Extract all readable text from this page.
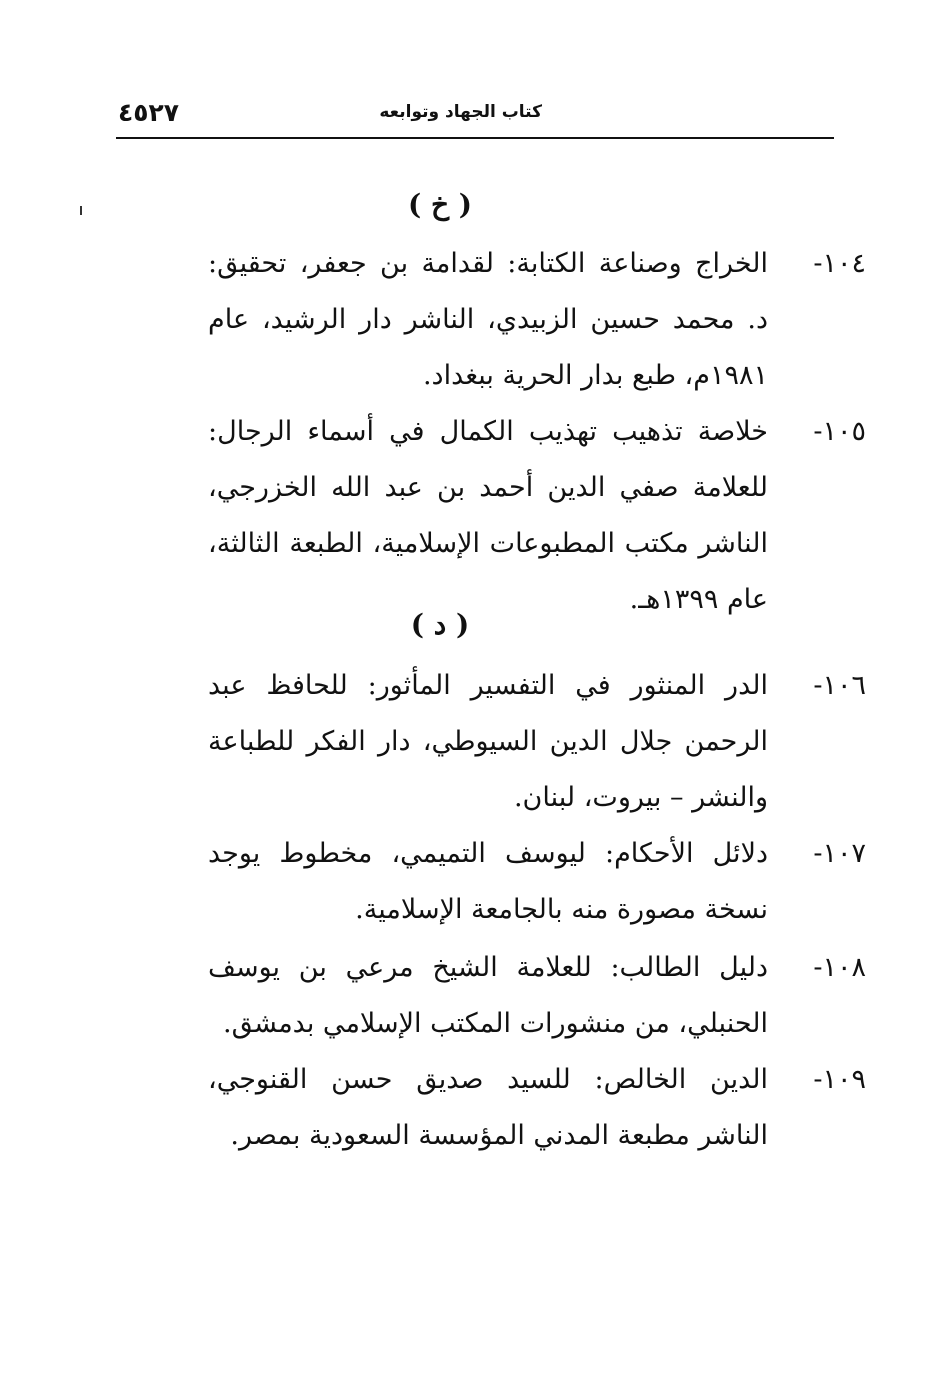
كتاب الجهاد وتوابعه
٤٥٢٧
( خ )
١٠٤-
الخراج وصناعة الكتابة: لقدامة بن جعفر، تحقيق: د. محمد حسين الزبيدي، الناشر دار الرشيد، عام ١٩٨١م، طبع بدار الحرية ببغداد.
١٠٥-
خلاصة تذهيب تهذيب الكمال في أسماء الرجال: للعلامة صفي الدين أحمد بن عبد الله الخزرجي، الناشر مكتب المطبوعات الإسلامية، الطبعة الثالثة، عام ١٣٩٩هـ.
( د )
١٠٦-
الدر المنثور في التفسير المأثور: للحافظ عبد الرحمن جلال الدين السيوطي، دار الفكر للطباعة والنشر – بيروت، لبنان.
١٠٧-
دلائل الأحكام: ليوسف التميمي، مخطوط يوجد نسخة مصورة منه بالجامعة الإسلامية.
١٠٨-
دليل الطالب: للعلامة الشيخ مرعي بن يوسف الحنبلي، من منشورات المكتب الإسلامي بدمشق.
١٠٩-
الدين الخالص: للسيد صديق حسن القنوجي، الناشر مطبعة المدني المؤسسة السعودية بمصر.
